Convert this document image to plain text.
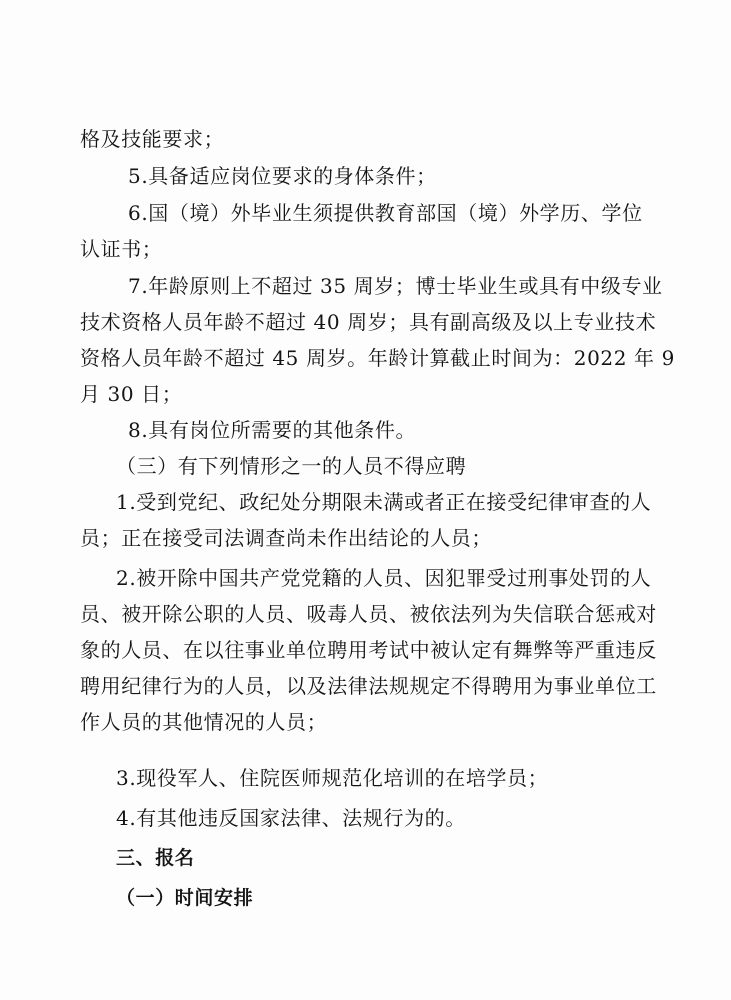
格及技能要求；
5.具备适应岗位要求的身体条件；
6.国（境）外毕业生须提供教育部国（境）外学历、学位
认证书；
7.年龄原则上不超过 35 周岁；博士毕业生或具有中级专业
技术资格人员年龄不超过 40 周岁；具有副高级及以上专业技术
资格人员年龄不超过 45 周岁。年龄计算截止时间为：2022 年 9
月 30 日；
8.具有岗位所需要的其他条件。
（三）有下列情形之一的人员不得应聘
1.受到党纪、政纪处分期限未满或者正在接受纪律审查的人
员；正在接受司法调查尚未作出结论的人员；
2.被开除中国共产党党籍的人员、因犯罪受过刑事处罚的人
员、被开除公职的人员、吸毒人员、被依法列为失信联合惩戒对
象的人员、在以往事业单位聘用考试中被认定有舞弊等严重违反
聘用纪律行为的人员，以及法律法规规定不得聘用为事业单位工
作人员的其他情况的人员；
3.现役军人、住院医师规范化培训的在培学员；
4.有其他违反国家法律、法规行为的。
三、报名
（一）时间安排
